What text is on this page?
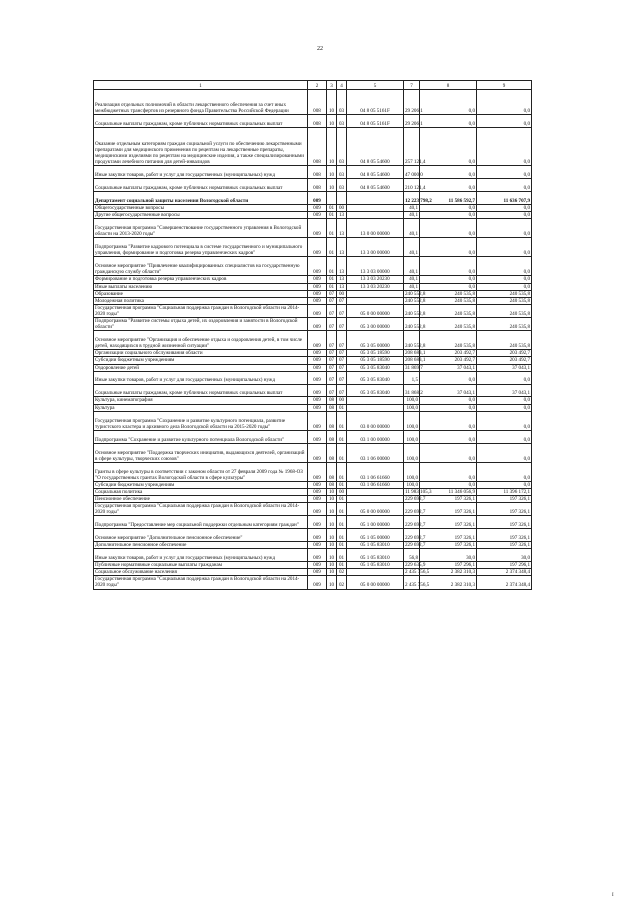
22
1	2	3	4	5		7	8	9
Реализация отдельных полномочий в области лекарственного обеспечения за счет иных межбюджетных трансфертов из резервного фонда Правительства Российской Федерации	008	10	03	04 8 05 5161F		29 206,1	0,0	0,0
Социальные выплаты гражданам, кроме публичных нормативных социальных выплат	008	10	03	04 8 05 5161F		29 206,1	0,0	0,0
Оказание отдельным категориям граждан социальной услуги по обеспечению лекарственными препаратами для медицинского применения по рецептам на лекарственные препараты, медицинскими изделиями по рецептам на медицинские изделия, а также специализированными продуктами лечебного питания для детей-инвалидов	008	10	03	04 8 05 54600		257 121,4	0,0	0,0
Иные закупки товаров, работ и услуг для государственных (муниципальных) нужд	008	10	03	04 8 05 54600		47 000,0	0,0	0,0
Социальные выплаты гражданам, кроме публичных нормативных социальных выплат	008	10	03	04 8 05 54600		210 121,4	0,0	0,0
Департамент социальной защиты населения Вологодской области	009					12 223 798,2	11 586 592,7	11 636 707,9
Общегосударственные вопросы	009	01	00			40,1	0,0	0,0
Другие общегосударственные вопросы	009	01	13			40,1	0,0	0,0
Государственная программа "Совершенствование государственного управления в Вологодской области на 2013-2020 годы"	009	01	13	13 0 00 00000		40,1	0,0	0,0
Подпрограмма "Развитие кадрового потенциала в системе государственного и муниципального управления, формирование и подготовка резерва управленческих кадров"	009	01	13	13 3 00 00000		40,1	0,0	0,0
Основное мероприятие "Привлечение квалифицированных специалистов на государственную гражданскую службу области"	009	01	13	13 3 03 00000		40,1	0,0	0,0
Формирование и подготовка резерва управленческих кадров	009	01	13	13 3 03 20230		40,1	0,0	0,0
Иные выплаты населению	009	01	13	13 3 03 20230		40,1	0,0	0,0
Образование	009	07	00			240 552,8	240 535,8	240 535,8
Молодежная политика	009	07	07			240 552,8	240 535,8	240 535,8
Государственная программа "Социальная поддержка граждан в Вологодской области на 2014-2020 годы"	009	07	07	05 0 00 00000		240 552,8	240 535,8	240 535,8
Подпрограмма "Развитие системы отдыха детей, их оздоровления и занятости в Вологодской области"	009	07	07	05 3 00 00000		240 552,8	240 535,8	240 535,8
Основное мероприятие "Организация и обеспечение отдыха и оздоровления детей, в том числе детей, находящихся в трудной жизненной ситуации"	009	07	07	05 3 05 00000		240 552,8	240 535,8	240 535,8
Организации социального обслуживания области	009	07	07	05 3 05 18590		208 683,1	203 492,7	203 492,7
Субсидии бюджетным учреждениям	009	07	07	05 3 05 18590		208 683,1	203 492,7	203 492,7
Оздоровление детей	009	07	07	05 3 05 83040		31 869,7	37 043,1	37 043,1
Иные закупки товаров, работ и услуг для государственных (муниципальных) нужд	009	07	07	05 3 05 83040		1,5	0,0	0,0
Социальные выплаты гражданам, кроме публичных нормативных социальных выплат	009	07	07	05 3 05 83040		31 868,2	37 043,1	37 043,1
Культура, кинематография	009	08	00			100,0	0,0	0,0
Культура	009	08	01			100,0	0,0	0,0
Государственная программа "Сохранение и развитие культурного потенциала, развитие туристского кластера и архивного дела Вологодской области на 2015-2020 годы"	009	08	01	03 0 00 00000		100,0	0,0	0,0
Подпрограмма "Сохранение и развитие культурного потенциала Вологодской области"	009	08	01	03 1 00 00000		100,0	0,0	0,0
Основное мероприятие "Поддержка творческих инициатив, выдающихся деятелей, организаций в сфере культуры, творческих союзов"	009	08	01	03 1 06 00000		100,0	0,0	0,0
Гранты в сфере культуры в соответствии с законом области от 27 февраля 2009 года № 1968-ОЗ "О государственных грантах Вологодской области в сфере культуры"	009	08	01	03 1 06 61660		100,0	0,0	0,0
Субсидии бюджетным учреждениям	009	08	01	03 1 06 61660		100,0	0,0	0,0
Социальная политика	009	10	00			11 983 105,3	11 346 056,9	11 396 172,1
Пенсионное обеспечение	009	10	01			229 692,7	197 326,1	197 326,1
Государственная программа "Социальная поддержка граждан в Вологодской области на 2014-2020 годы"	009	10	01	05 0 00 00000		229 692,7	197 326,1	197 326,1
Подпрограмма "Предоставление мер социальной поддержки отдельным категориям граждан"	009	10	01	05 1 00 00000		229 692,7	197 326,1	197 326,1
Основное мероприятие "Дополнительное пенсионное обеспечение"	009	10	01	05 1 05 00000		229 692,7	197 326,1	197 326,1
Дополнительное пенсионное обеспечение	009	10	01	05 1 05 83010		229 692,7	197 326,1	197 326,1
Иные закупки товаров, работ и услуг для государственных (муниципальных) нужд	009	10	01	05 1 05 83010		56,8	30,0	30,0
Публичные нормативные социальные выплаты гражданам	009	10	01	05 1 05 83010		229 635,9	197 296,1	197 296,1
Социальное обслуживание населения	009	10	02			2 435 756,5	2 382 310,3	2 374 348,4
Государственная программа "Социальная поддержка граждан в Вологодской области на 2014-2020 годы"	009	10	02	05 0 00 00000		2 435 756,5	2 382 310,3	2 374 348,4
I
